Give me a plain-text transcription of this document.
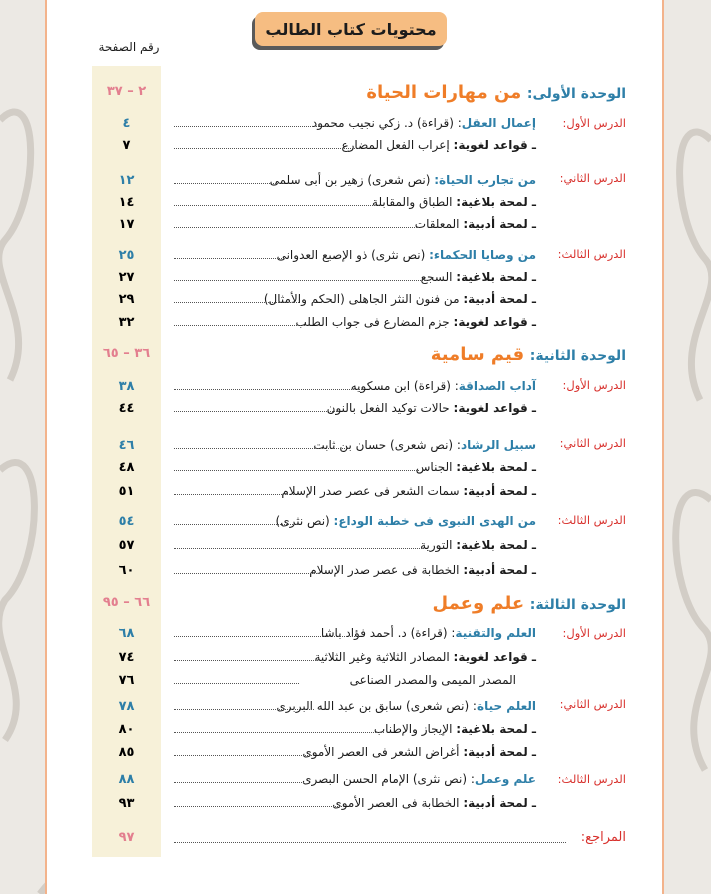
محتويات كتاب الطالب
رقم الصفحة
الوحدة الأولى: من مهارات الحياة
٢ – ٣٧
الدرس الأول:
إعمال العقل: (قراءة) د. زكي نجيب محمود
٤
ـ قواعد لغوية: إعراب الفعل المضارع
٧
الدرس الثاني:
من تجارب الحياة: (نص شعرى) زهير بن أبى سلمى
١٢
ـ لمحة بلاغية: الطباق والمقابلة
١٤
ـ لمحة أدبية: المعلقات
١٧
الدرس الثالث:
من وصايا الحكماء: (نص نثرى) ذو الإصبع العدوانى
٢٥
ـ لمحة بلاغية: السجع
٢٧
ـ لمحة أدبية: من فنون النثر الجاهلى (الحكم والأمثال)
٢٩
ـ قواعد لغوية: جزم المضارع فى جواب الطلب
٣٢
الوحدة الثانية: قيم سامية
٣٦ – ٦٥
الدرس الأول:
آداب الصداقة: (قراءة) ابن مسكويه
٣٨
ـ قواعد لغوية: حالات توكيد الفعل بالنون
٤٤
الدرس الثاني:
سبيل الرشاد: (نص شعرى) حسان بن ثابت
٤٦
ـ لمحة بلاغية: الجناس
٤٨
ـ لمحة أدبية: سمات الشعر فى عصر صدر الإسلام
٥١
الدرس الثالث:
من الهدى النبوى فى خطبة الوداع: (نص نثرى)
٥٤
ـ لمحة بلاغية: التورية
٥٧
ـ لمحة أدبية: الخطابة فى عصر صدر الإسلام
٦٠
الوحدة الثالثة: علم وعمل
٦٦ – ٩٥
الدرس الأول:
العلم والتقنية: (قراءة) د. أحمد فؤاد باشا
٦٨
ـ قواعد لغوية: المصادر الثلاثية وغير الثلاثية
٧٤
المصدر الميمى والمصدر الصناعى
٧٦
الدرس الثاني:
العلم حياة: (نص شعرى) سابق بن عبد الله البربرى
٧٨
ـ لمحة بلاغية: الإيجاز والإطناب
٨٠
ـ لمحة أدبية: أغراض الشعر فى العصر الأموى
٨٥
الدرس الثالث:
علم وعمل: (نص نثرى) الإمام الحسن البصرى
٨٨
ـ لمحة أدبية: الخطابة فى العصر الأموى
٩٣
المراجع:
٩٧
